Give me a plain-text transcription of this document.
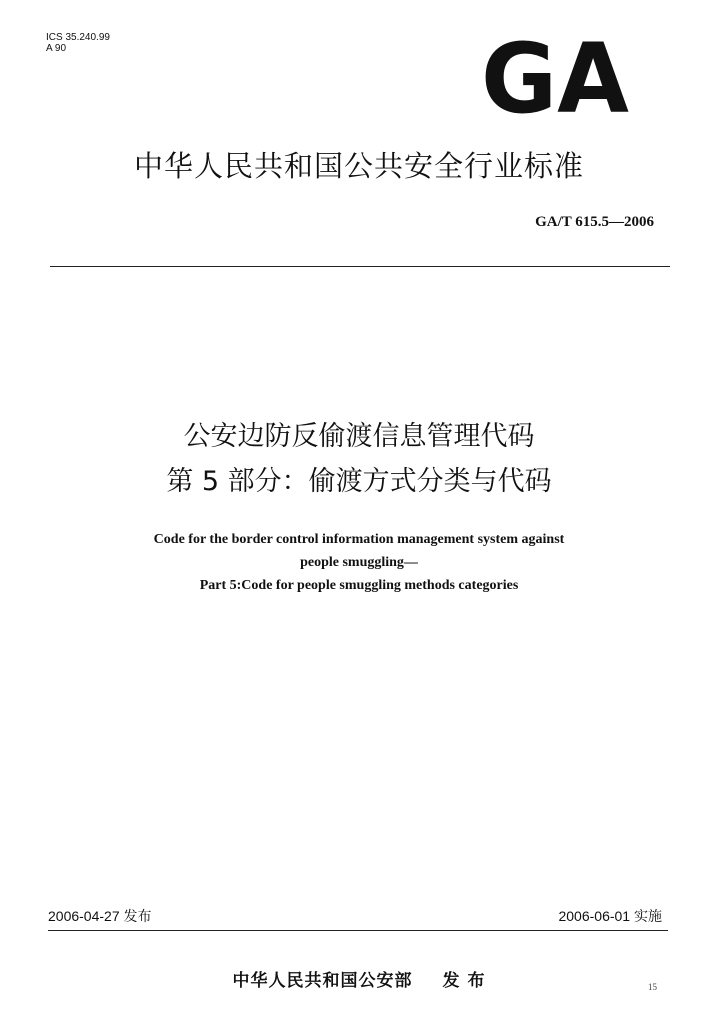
ICS 35.240.99
A 90	GA
中华人民共和国公共安全行业标准
GA/T 615.5—2006
公安边防反偷渡信息管理代码
第 5 部分：偷渡方式分类与代码
Code for the border control information management system against
people smuggling—
Part 5:Code for people smuggling methods categories
2006-04-27 发布	2006-06-01 实施
中华人民共和国公安部 发 布	15
